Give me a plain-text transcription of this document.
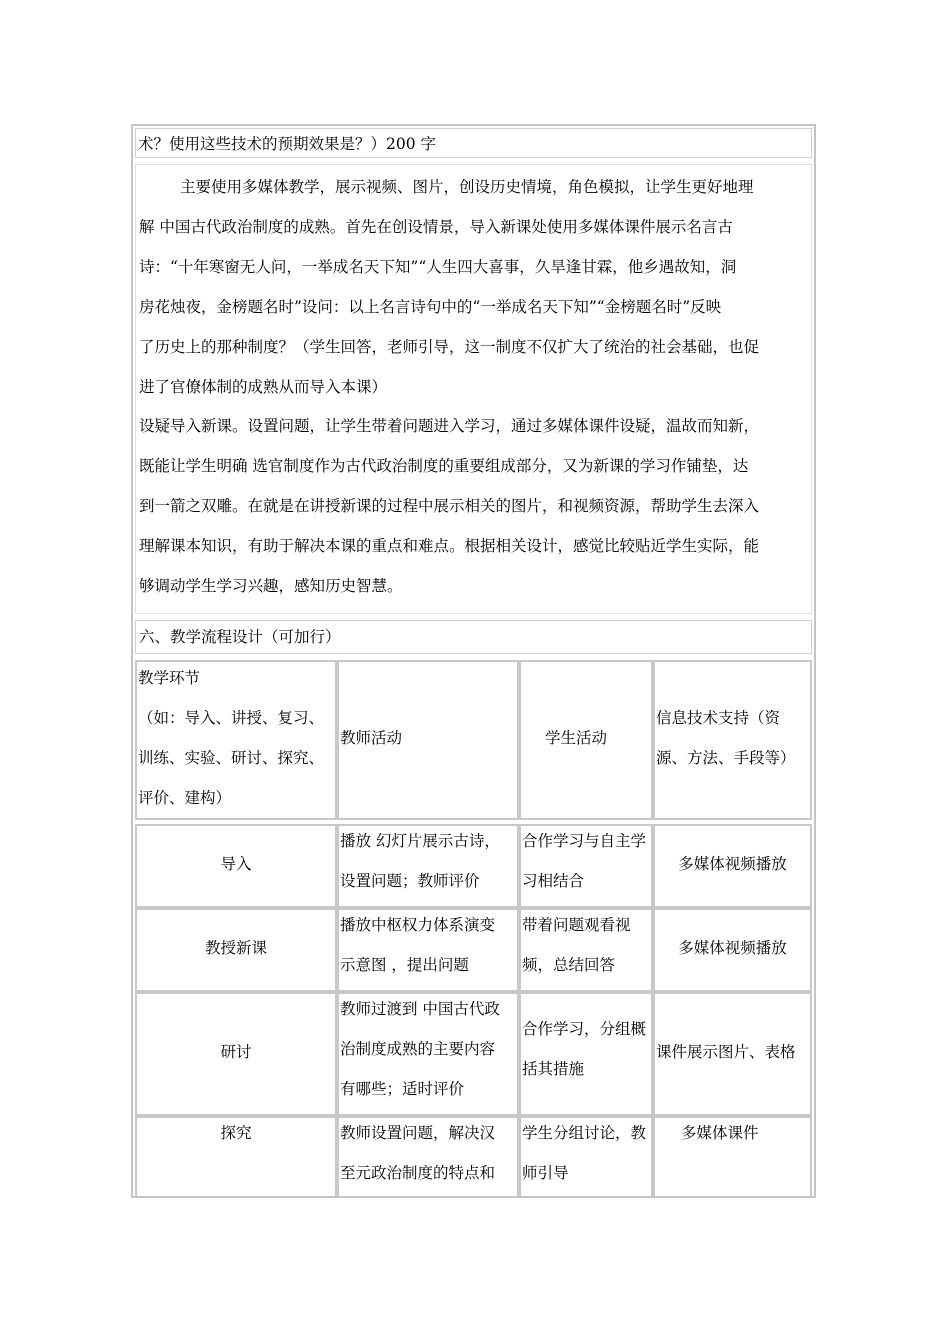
术？使用这些技术的预期效果是？）200 字
主要使用多媒体教学，展示视频、图片，创设历史情境，角色模拟，让学生更好地理
解 中国古代政治制度的成熟。首先在创设情景，导入新课处使用多媒体课件展示名言古
诗：“十年寒窗无人问，一举成名天下知”“人生四大喜事，久旱逢甘霖，他乡遇故知，洞
房花烛夜，金榜题名时”设问：以上名言诗句中的“一举成名天下知”“金榜题名时”反映
了历史上的那种制度？（学生回答，老师引导，这一制度不仅扩大了统治的社会基础，也促
进了官僚体制的成熟从而导入本课）
设疑导入新课。设置问题，让学生带着问题进入学习，通过多媒体课件设疑，温故而知新，
既能让学生明确 选官制度作为古代政治制度的重要组成部分，又为新课的学习作铺垫，达
到一箭之双雕。在就是在讲授新课的过程中展示相关的图片，和视频资源，帮助学生去深入
理解课本知识，有助于解决本课的重点和难点。根据相关设计，感觉比较贴近学生实际，能
够调动学生学习兴趣，感知历史智慧。
六、教学流程设计（可加行）
教学环节
（如：导入、讲授、复习、
训练、实验、研讨、探究、
评价、建构）
教师活动	学生活动
信息技术支持（资
源、方法、手段等）
导入
播放 幻灯片展示古诗，
设置问题；教师评价
合作学习与自主学
习相结合
多媒体视频播放
教授新课
播放中枢权力体系演变
示意图 ，提出问题
带着问题观看视
频，总结回答
多媒体视频播放
研讨
教师过渡到 中国古代政
治制度成熟的主要内容
有哪些；适时评价
合作学习，分组概
括其措施
课件展示图片、表格
探究	教师设置问题，解决汉
至元政治制度的特点和
学生分组讨论，教
师引导
多媒体课件
